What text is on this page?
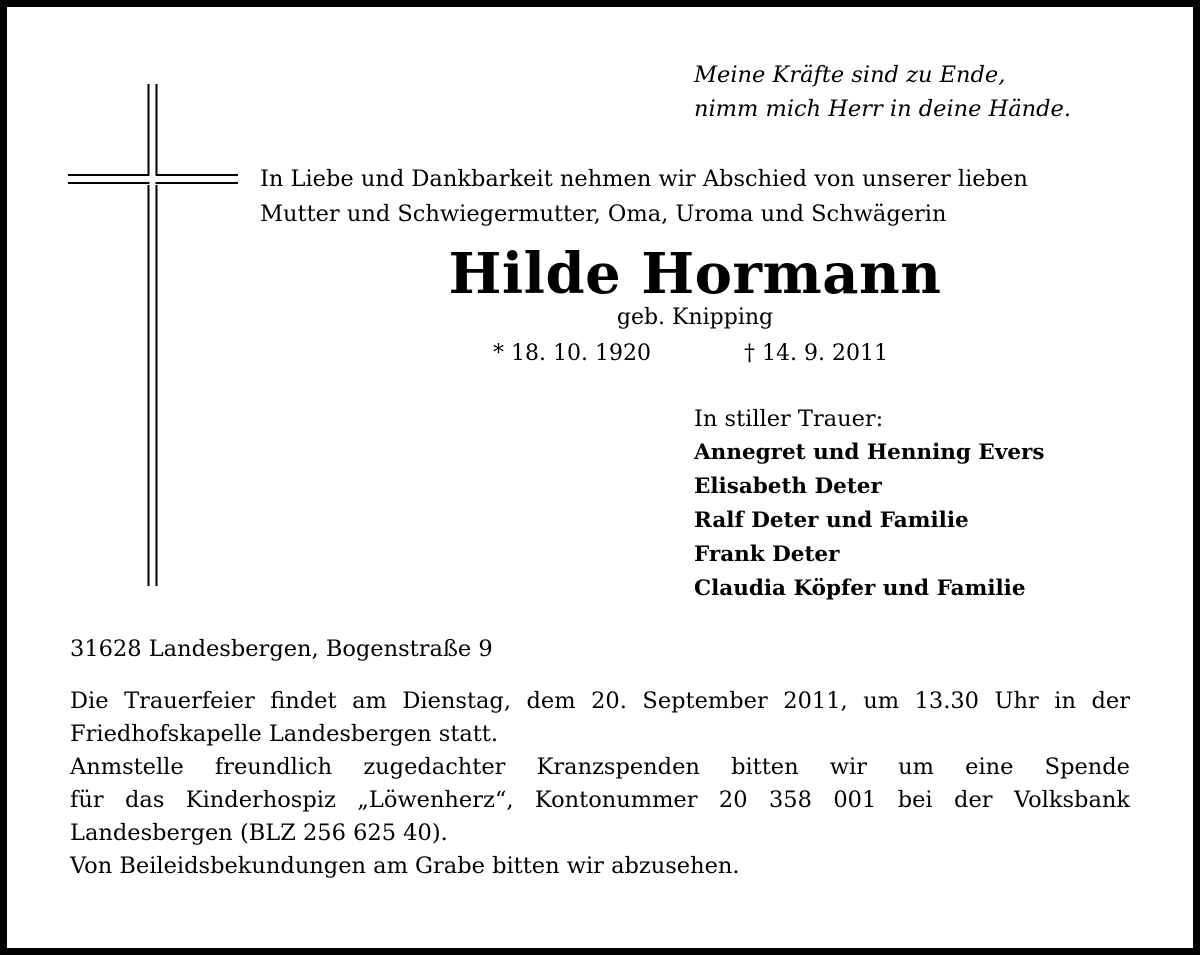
Meine Kräfte sind zu Ende,
nimm mich Herr in deine Hände.
In Liebe und Dankbarkeit nehmen wir Abschied von unserer lieben
Mutter und Schwiegermutter, Oma, Uroma und Schwägerin
Hilde Hormann
geb. Knipping
* 18. 10. 1920	† 14. 9. 2011
In stiller Trauer:
Annegret und Henning Evers
Elisabeth Deter
Ralf Deter und Familie
Frank Deter
Claudia Köpfer und Familie
31628 Landesbergen, Bogenstraße 9
Die Trauerfeier findet am Dienstag, dem 20. September 2011, um 13.30 Uhr in der
Friedhofskapelle Landesbergen statt.
Anmstelle freundlich zugedachter Kranzspenden bitten wir um eine Spende
für das Kinderhospiz „Löwenherz“, Kontonummer 20 358 001 bei der Volksbank
Landesbergen (BLZ 256 625 40).
Von Beileidsbekundungen am Grabe bitten wir abzusehen.
